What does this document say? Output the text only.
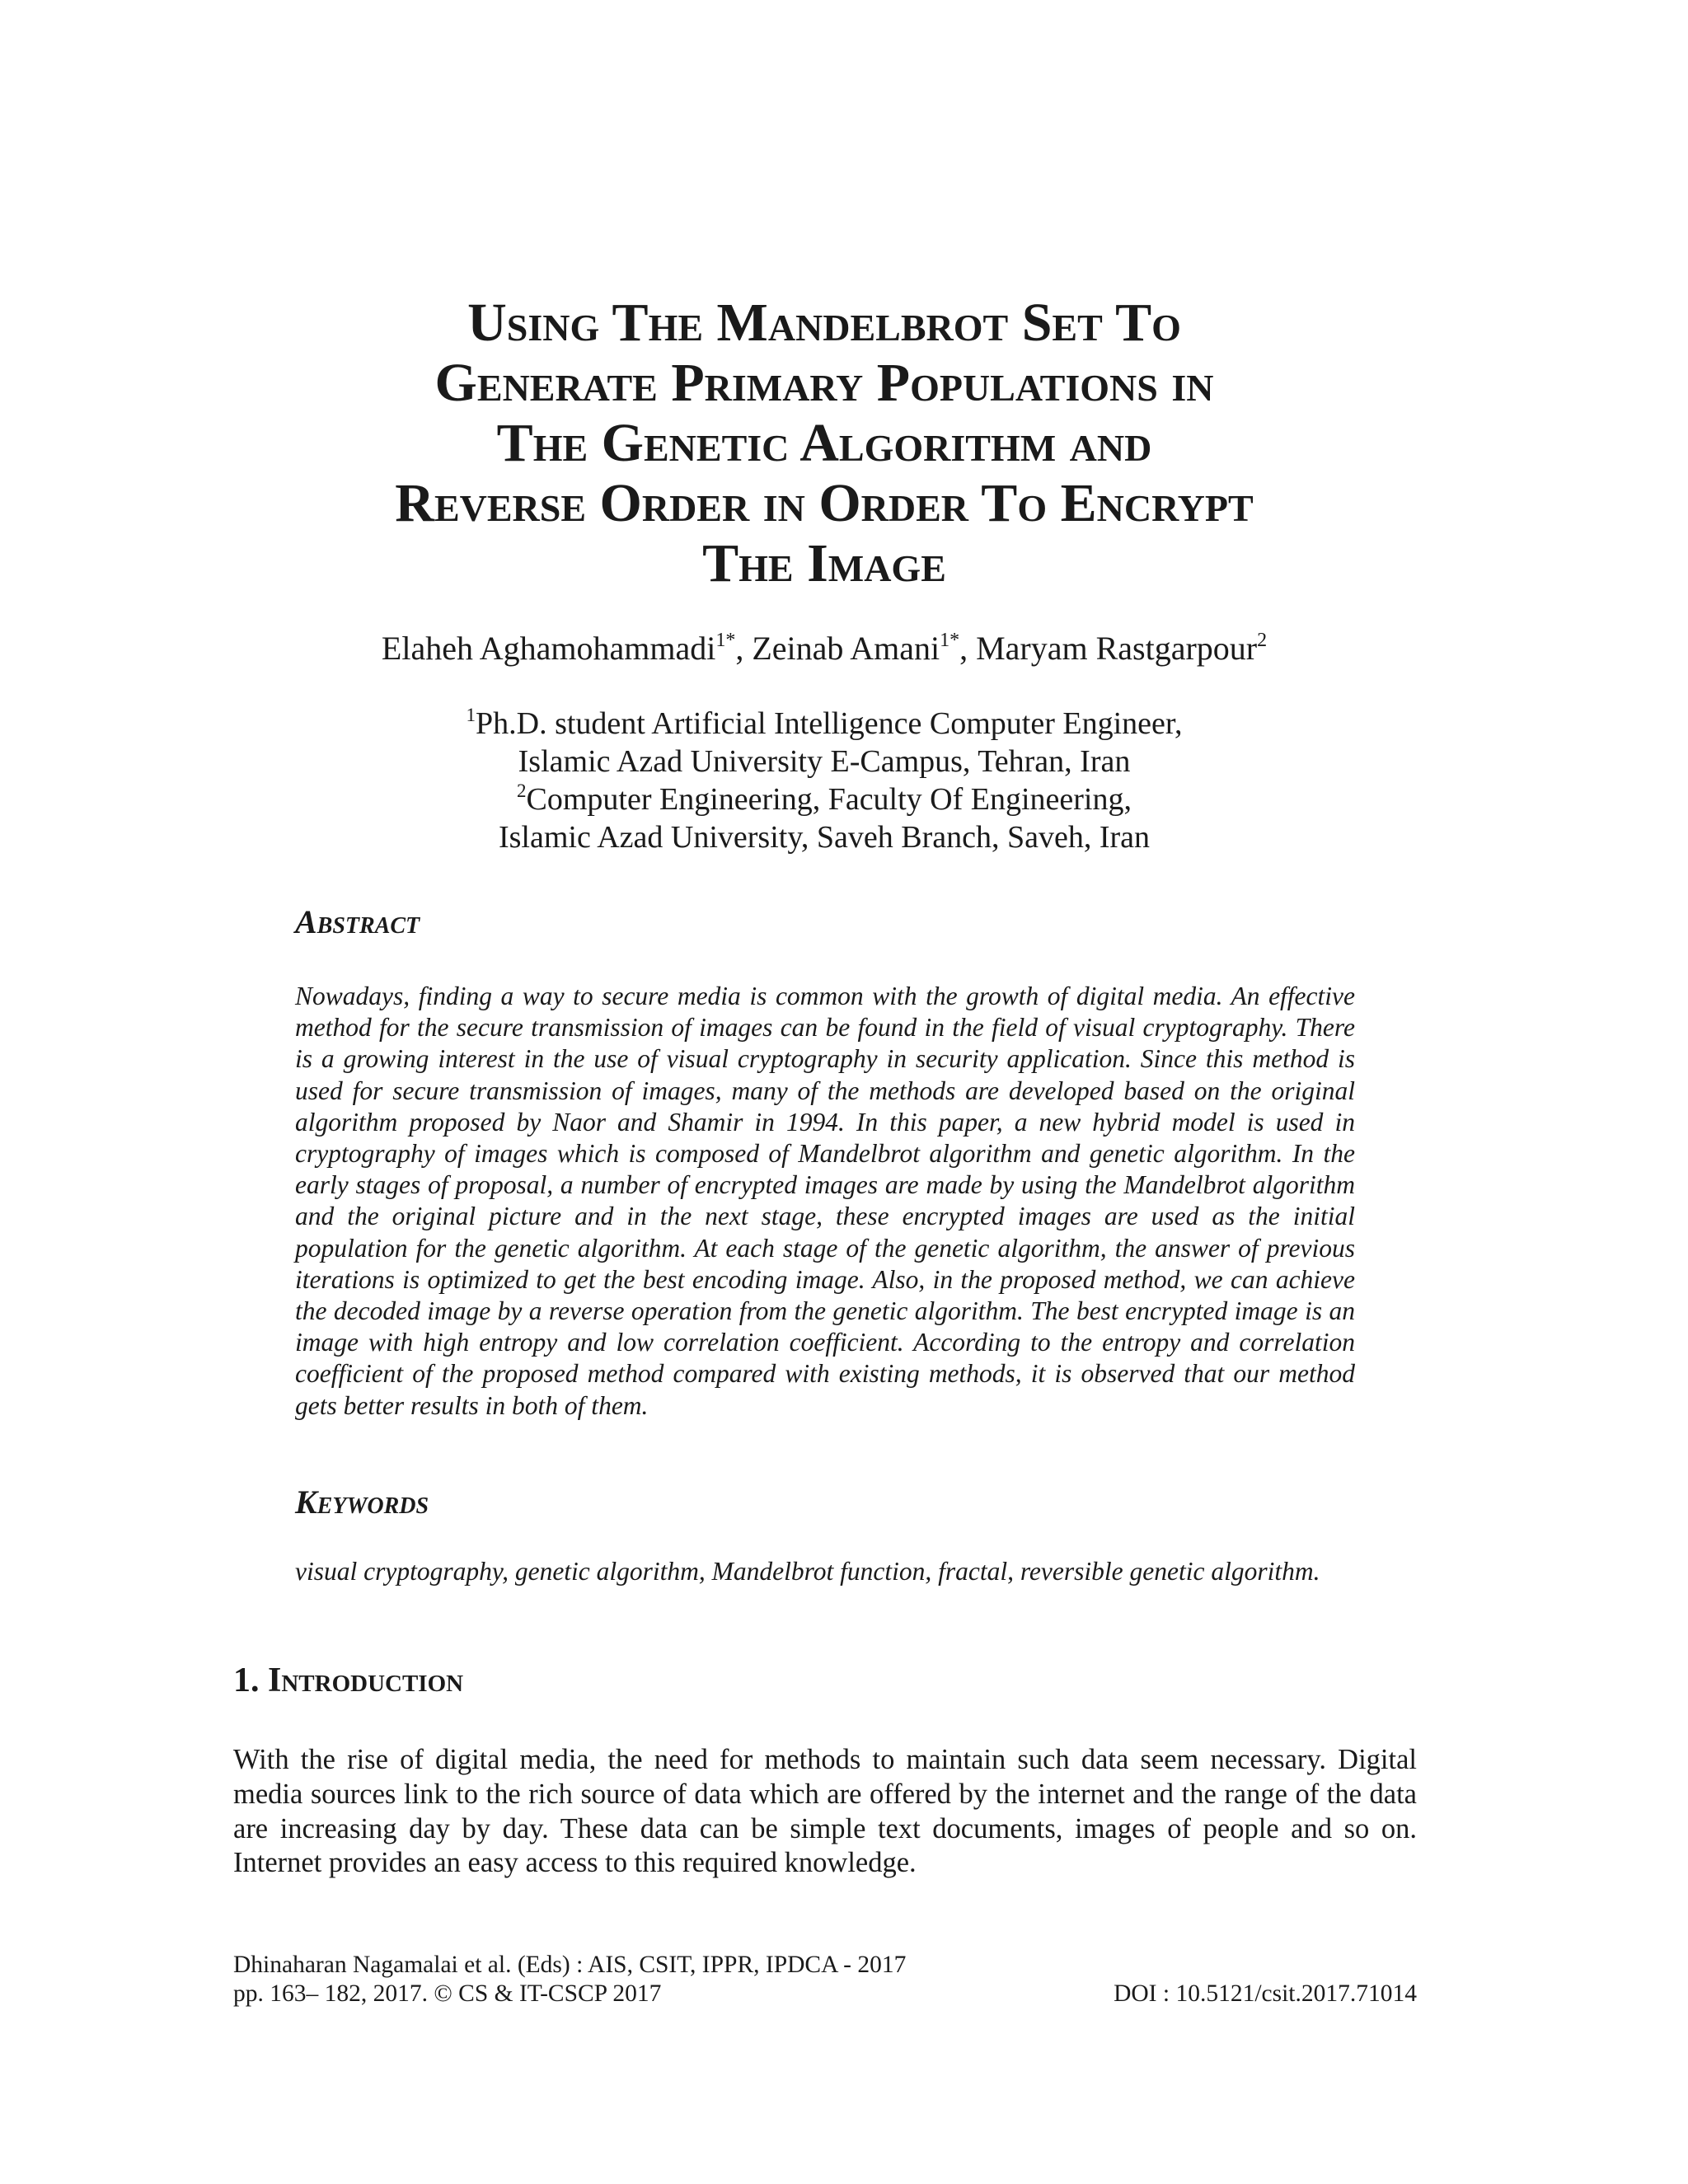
Using The Mandelbrot Set To
Generate Primary Populations in
The Genetic Algorithm and
Reverse Order in Order To Encrypt
The Image
Elaheh Aghamohammadi$^{1*}$, Zeinab Amani$^{1*}$, Maryam Rastgarpour$^2$
$^1$Ph.D. student Artificial Intelligence Computer Engineer,
Islamic Azad University E-Campus, Tehran, Iran
$^2$Computer Engineering, Faculty Of Engineering,
Islamic Azad University, Saveh Branch, Saveh, Iran
Abstract

Nowadays, finding a way to secure media is common with the growth of digital media. An effective method for the secure transmission of images can be found in the field of visual cryptography. There is a growing interest in the use of visual cryptography in security application. Since this method is used for secure transmission of images, many of the methods are developed based on the original algorithm proposed by Naor and Shamir in 1994. In this paper, a new hybrid model is used in cryptography of images which is composed of Mandelbrot algorithm and genetic algorithm. In the early stages of proposal, a number of encrypted images are made by using the Mandelbrot algorithm and the original picture and in the next stage, these encrypted images are used as the initial population for the genetic algorithm. At each stage of the genetic algorithm, the answer of previous iterations is optimized to get the best encoding image. Also, in the proposed method, we can achieve the decoded image by a reverse operation from the genetic algorithm. The best encrypted image is an image with high entropy and low correlation coefficient. According to the entropy and correlation coefficient of the proposed method compared with existing methods, it is observed that our method gets better results in both of them.

Keywords

visual cryptography, genetic algorithm, Mandelbrot function, fractal, reversible genetic algorithm.

1. Introduction

With the rise of digital media, the need for methods to maintain such data seem necessary. Digital media sources link to the rich source of data which are offered by the internet and the range of the data are increasing day by day. These data can be simple text documents, images of people and so on. Internet provides an easy access to this required knowledge.

Dhinaharan Nagamalai et al. (Eds) : AIS, CSIT, IPPR, IPDCA - 2017
pp. 163– 182, 2017. © CS & IT-CSCP 2017	DOI : 10.5121/csit.2017.71014
